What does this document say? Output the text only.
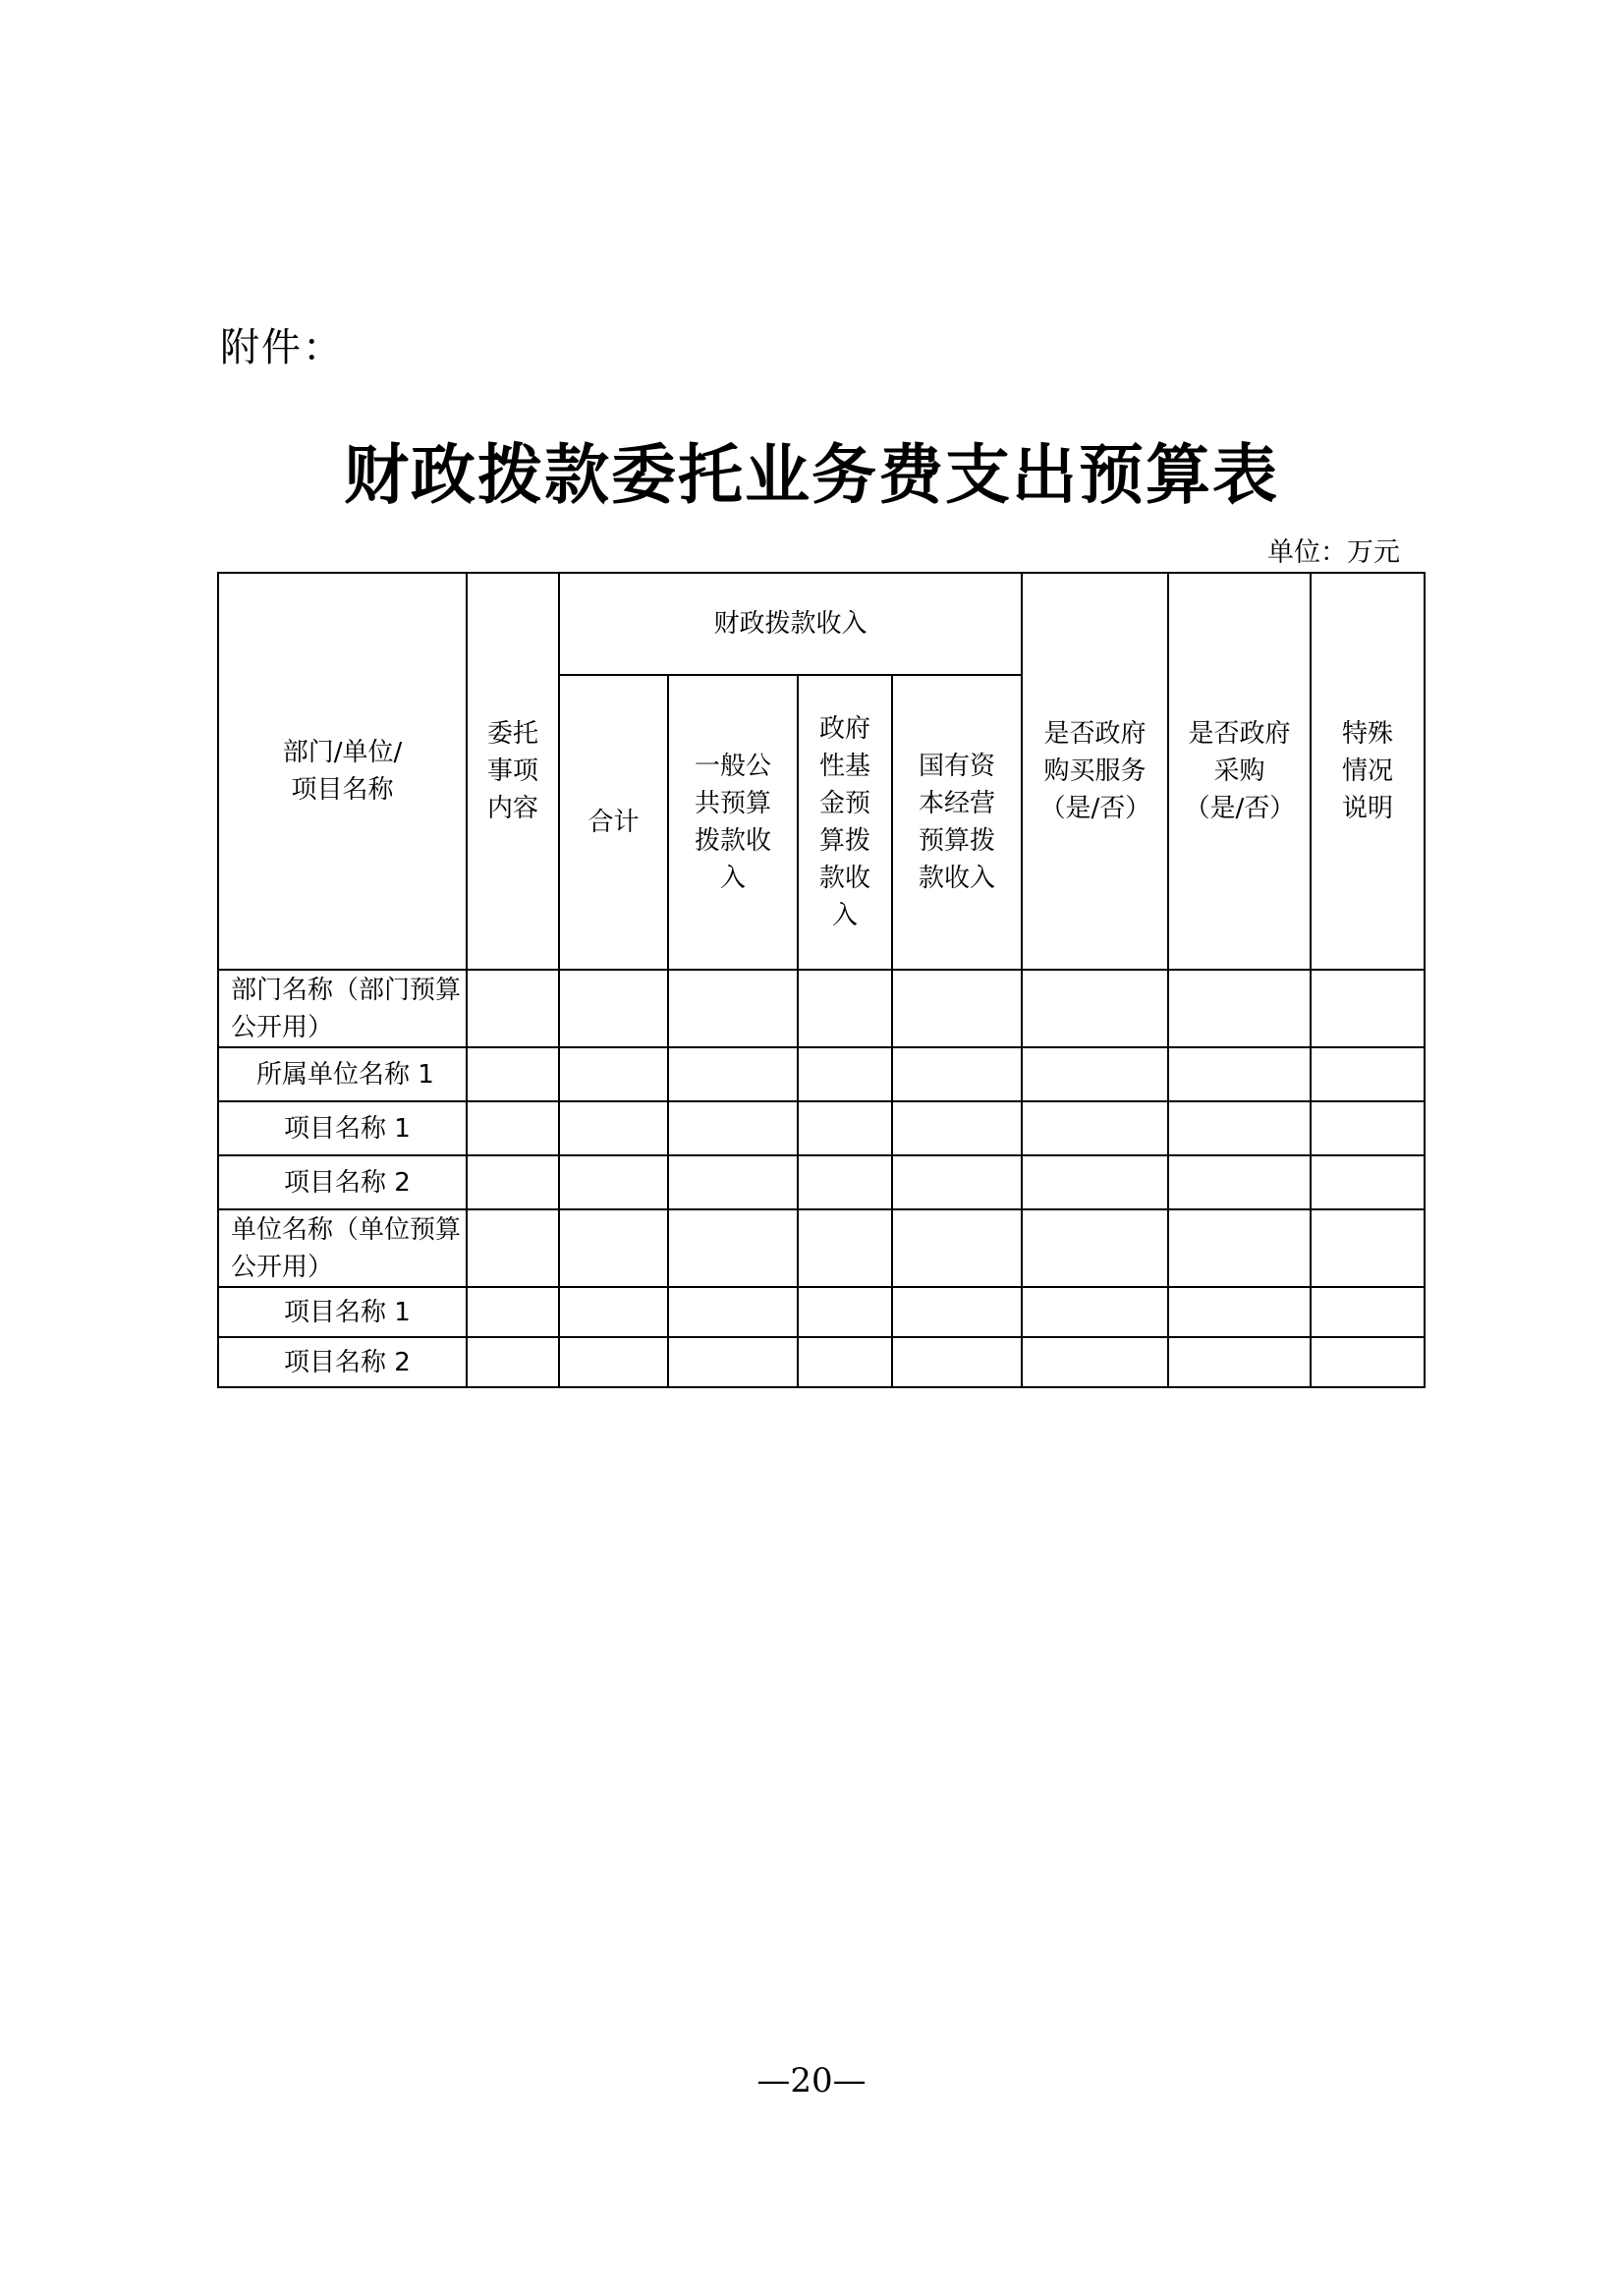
附件：
财政拨款委托业务费支出预算表
单位：万元
部门/单位/项目名称	委托事项内容	财政拨款收入				是否政府购买服务（是/否）	是否政府采购（是/否）	特殊情况说明
		合计	一般公共预算拨款收入	政府性基金预算拨款收入	国有资本经营预算拨款收入			
部门名称（部门预算公开用）								
所属单位名称 1								
项目名称 1								
项目名称 2								
单位名称（单位预算公开用）								
项目名称 1								
项目名称 2								
—20—
